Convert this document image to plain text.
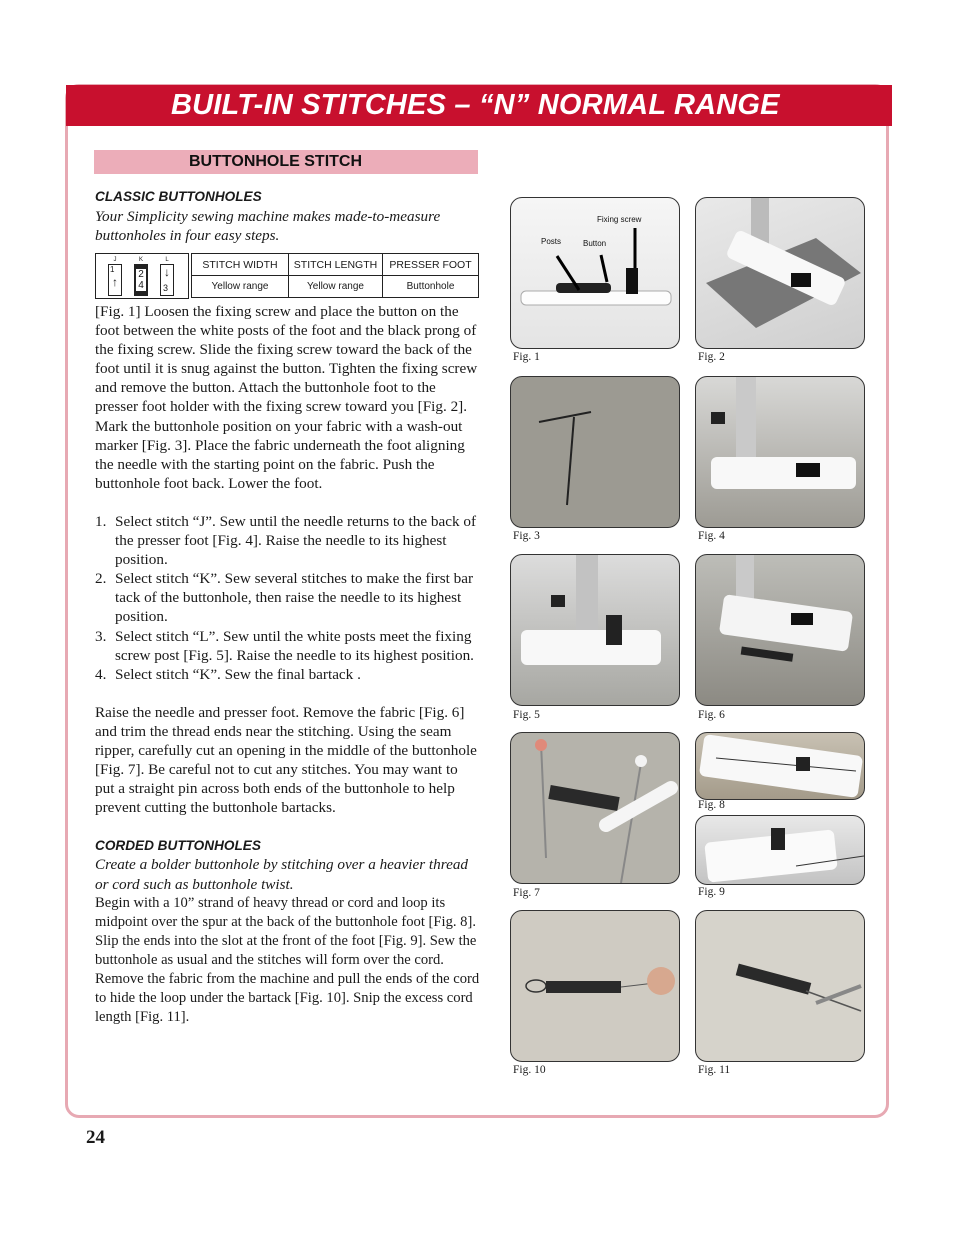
BUILT-IN STITCHES – “N” NORMAL RANGE
BUTTONHOLE STITCH

CLASSIC BUTTONHOLES

Your Simplicity sewing machine makes made-to-measure buttonholes in four easy steps.

J
1
↑
K
2
4
L
↓
3
STITCH WIDTH	STITCH LENGTH	PRESSER FOOT
Yellow range	Yellow range	Buttonhole

[Fig. 1] Loosen the fixing screw and place the button on the foot between the white posts of the foot and the black prong of the fixing screw. Slide the fixing screw toward the back of the foot until it is snug against the button. Tighten the fixing screw and remove the button. Attach the buttonhole foot to the presser foot holder with the fixing screw toward you [Fig. 2].

Mark the buttonhole position on your fabric with a wash-out marker [Fig. 3]. Place the fabric underneath the foot aligning the needle with the starting point on the fabric. Push the buttonhole foot back. Lower the foot.

1. Select stitch “J”. Sew until the needle returns to the back of the presser foot [Fig. 4]. Raise the needle to its highest position.
2. Select stitch “K”. Sew several stitches to make the first bar tack of the buttonhole, then raise the needle to its highest position.
3. Select stitch “L”. Sew until the white posts meet the fixing screw post [Fig. 5]. Raise the needle to its highest position.
4. Select stitch “K”. Sew the final bartack .

Raise the needle and presser foot. Remove the fabric [Fig. 6] and trim the thread ends near the stitching. Using the seam ripper, carefully cut an opening in the middle of the buttonhole [Fig. 7]. Be careful not to cut any stitches. You may want to put a straight pin across both ends of the buttonhole to help prevent cutting the buttonhole bartacks.

CORDED BUTTONHOLES

Create a bolder buttonhole by stitching over a heavier thread or cord such as buttonhole twist.

Begin with a 10” strand of heavy thread or cord and loop its midpoint over the spur at the back of the buttonhole foot [Fig. 8]. Slip the ends into the slot at the front of the foot [Fig. 9]. Sew the buttonhole as usual and the stitches will form over the cord. Remove the fabric from the machine and pull the ends of the cord to hide the loop under the bartack [Fig. 10]. Snip the excess cord length [Fig. 11].

Posts	Button
Fixing screw
Fig. 1	Fig. 2
Fig. 3	Fig. 4
Fig. 5	Fig. 6
Fig. 7
Fig. 8
Fig. 9
Fig. 10	Fig. 11
24
